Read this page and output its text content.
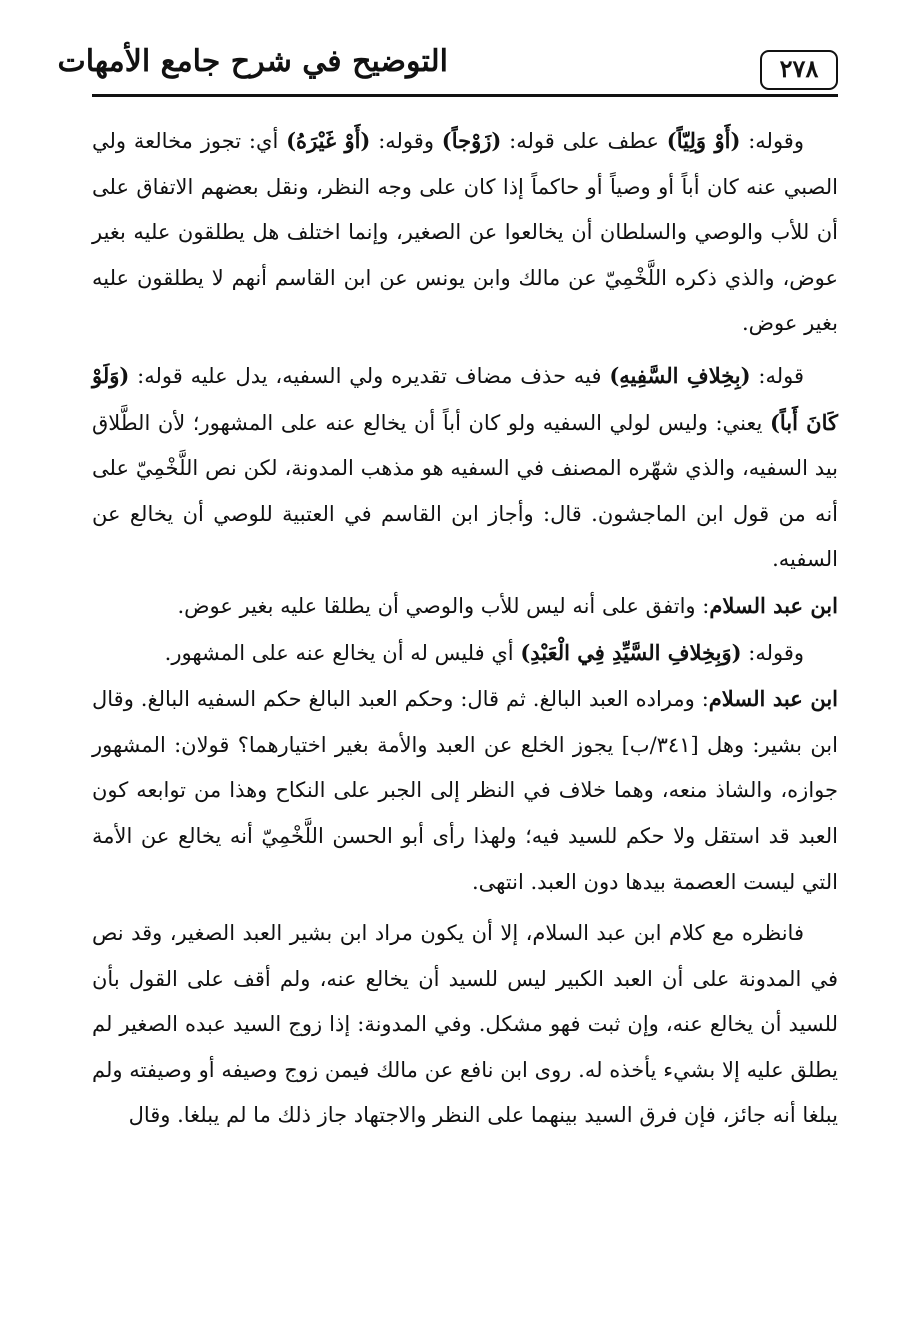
٢٧٨
التوضيح في شرح جامع الأمهات

وقوله: (أَوْ وَلِيّاً) عطف على قوله: (زَوْجاً) وقوله: (أَوْ غَيْرَهُ) أي: تجوز مخالعة ولي الصبي عنه كان أباً أو وصياً أو حاكماً إذا كان على وجه النظر، ونقل بعضهم الاتفاق على أن للأب والوصي والسلطان أن يخالعوا عن الصغير، وإنما اختلف هل يطلقون عليه بغير عوض، والذي ذكره اللَّخْمِيّ عن مالك وابن يونس عن ابن القاسم أنهم لا يطلقون عليه بغير عوض.

قوله: (بِخِلافِ السَّفِيهِ) فيه حذف مضاف تقديره ولي السفيه، يدل عليه قوله: (وَلَوْ كَانَ أَباً) يعني: وليس لولي السفيه ولو كان أباً أن يخالع عنه على المشهور؛ لأن الطَّلاق بيد السفيه، والذي شهّره المصنف في السفيه هو مذهب المدونة، لكن نص اللَّخْمِيّ على أنه من قول ابن الماجشون. قال: وأجاز ابن القاسم في العتبية للوصي أن يخالع عن السفيه.

ابن عبد السلام: واتفق على أنه ليس للأب والوصي أن يطلقا عليه بغير عوض.

وقوله: (وَبِخِلافِ السَّيِّدِ فِي الْعَبْدِ) أي فليس له أن يخالع عنه على المشهور.

ابن عبد السلام: ومراده العبد البالغ. ثم قال: وحكم العبد البالغ حكم السفيه البالغ. وقال ابن بشير: وهل [٣٤١/ب] يجوز الخلع عن العبد والأمة بغير اختيارهما؟ قولان: المشهور جوازه، والشاذ منعه، وهما خلاف في النظر إلى الجبر على النكاح وهذا من توابعه كون العبد قد استقل ولا حكم للسيد فيه؛ ولهذا رأى أبو الحسن اللَّخْمِيّ أنه يخالع عن الأمة التي ليست العصمة بيدها دون العبد. انتهى.

فانظره مع كلام ابن عبد السلام، إلا أن يكون مراد ابن بشير العبد الصغير، وقد نص في المدونة على أن العبد الكبير ليس للسيد أن يخالع عنه، ولم أقف على القول بأن للسيد أن يخالع عنه، وإن ثبت فهو مشكل. وفي المدونة: إذا زوج السيد عبده الصغير لم يطلق عليه إلا بشيء يأخذه له. روى ابن نافع عن مالك فيمن زوج وصيفه أو وصيفته ولم يبلغا أنه جائز، فإن فرق السيد بينهما على النظر والاجتهاد جاز ذلك ما لم يبلغا. وقال
